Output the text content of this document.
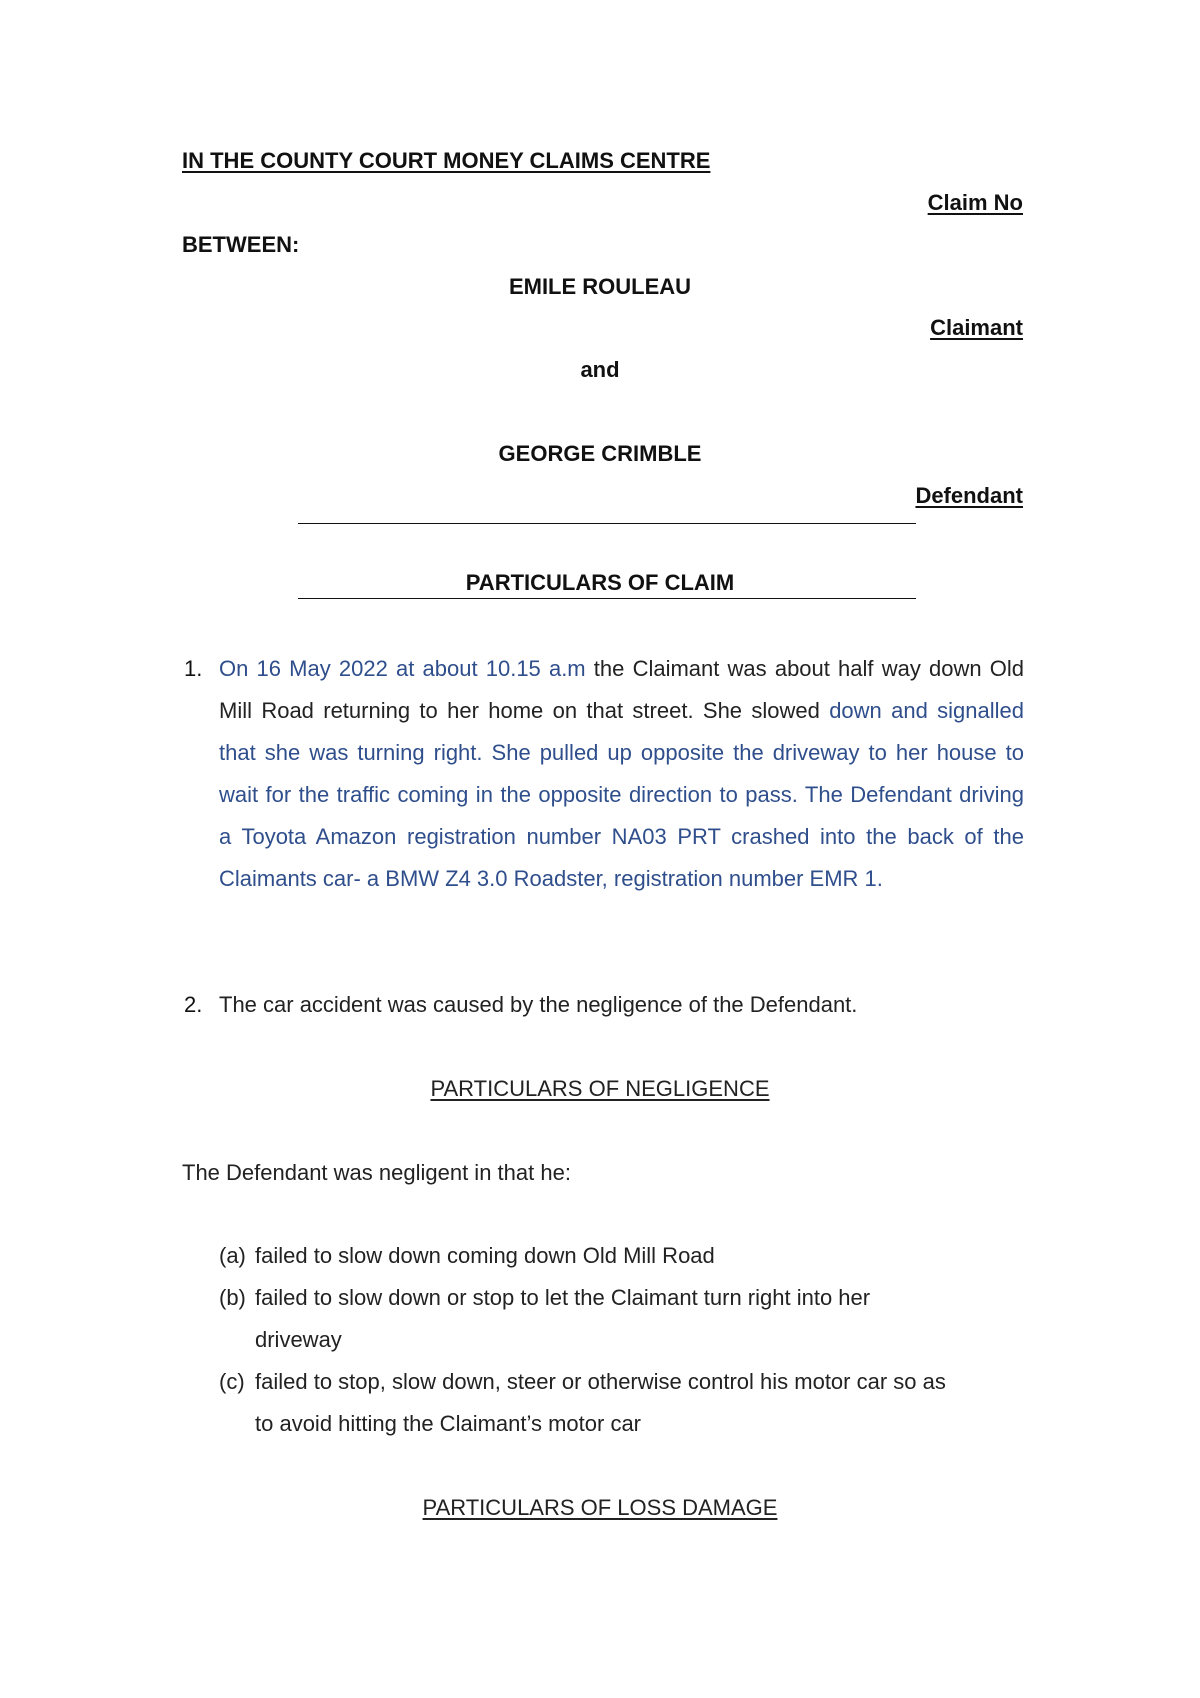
IN THE COUNTY COURT MONEY CLAIMS CENTRE
Claim No
BETWEEN:
EMILE ROULEAU
Claimant
and
GEORGE CRIMBLE
Defendant
PARTICULARS OF CLAIM
1. On 16 May 2022 at about 10.15 a.m the Claimant was about half way down Old Mill Road returning to her home on that street. She slowed down and signalled that she was turning right. She pulled up opposite the driveway to her house to wait for the traffic coming in the opposite direction to pass. The Defendant driving a Toyota Amazon registration number NA03 PRT crashed into the back of the Claimants car- a BMW Z4 3.0 Roadster, registration number EMR 1.
2. The car accident was caused by the negligence of the Defendant.
PARTICULARS OF NEGLIGENCE
The Defendant was negligent in that he:
(a) failed to slow down coming down Old Mill Road
(b) failed to slow down or stop to let the Claimant turn right into her
driveway
(c) failed to stop, slow down, steer or otherwise control his motor car so as
to avoid hitting the Claimant’s motor car
PARTICULARS OF LOSS DAMAGE
